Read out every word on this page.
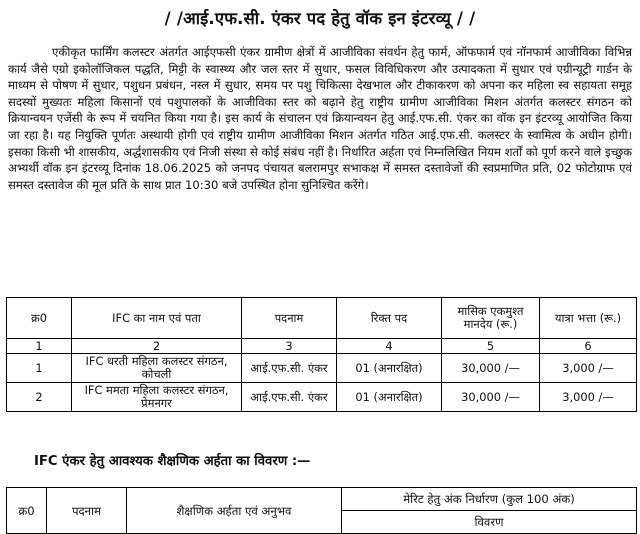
/ /आई.एफ.सी. एंकर पद हेतु वॉक इन इंटरव्यू / /

एकीकृत फार्मिंग कलस्टर अंतर्गत आईएफसी एंकर ग्रामीण क्षेत्रों में आजीविका संवर्धन हेतु फार्म, ऑफफार्म एवं नॉनफार्म आजीविका विभिन्न कार्य जैसे एग्रो इकोलॉजिकल पद्धति, मिट्टी के स्वास्थ्य और जल स्तर में सुधार, फसल विविधिकरण और उत्पादकता में सुधार एवं एग्रीन्यूट्री गार्डन के माध्यम से पोषण में सुधार, पशुधन प्रबंधन, नस्ल में सुधार, समय पर पशु चिकित्सा देखभाल और टीकाकरण को अपना कर महिला स्व सहायता समूह सदस्यों मुख्यतः महिला किसानों एवं पशुपालकों के आजीविका स्तर को बढ़ाने हेतु राष्ट्रीय ग्रामीण आजीविका मिशन अंतर्गत कलस्टर संगठन को क्रियान्वयन एजेंसी के रूप में चयनित किया गया है। इस कार्य के संचालन एवं क्रियान्वयन हेतु आई.एफ.सी. एंकर का वॉक इन इंटरव्यू आयोजित किया जा रहा है। यह नियुक्ति पूर्णतः अस्थायी होगी एवं राष्ट्रीय ग्रामीण आजीविका मिशन अंतर्गत गठित आई.एफ.सी. कलस्टर के स्वामित्व के अधीन होगी। इसका किसी भी शासकीय, अर्द्धशासकीय एवं निजी संस्था से कोई संबंध नहीं है। निर्धारित अर्हता एवं निम्नलिखित नियम शर्तों को पूर्ण करने वाले इच्छुक अभ्यर्थी वॉक इन इंटरव्यू दिनांक 18.06.2025 को जनपद पंचायत बलरामपुर सभाकक्ष में समस्त दस्तावेजों की स्वप्रमाणित प्रति, 02 फोटोग्राफ एवं समस्त दस्तावेज की मूल प्रति के साथ प्रात 10:30 बजे उपस्थित होना सुनिश्चित करेंगे।

क्र0	IFC का नाम एवं पता	पदनाम	रिक्त पद	मासिक एकमुश्त मानदेय (रू.)	यात्रा भत्ता (रू.)
1	2	3	4	5	6
1	IFC धरती महिला कलस्टर संगठन, कोचली	आई.एफ.सी. एंकर	01 (अनारक्षित)	30,000 /—	3,000 /—
2	IFC ममता महिला कलस्टर संगठन, प्रेमनगर	आई.एफ.सी. एंकर	01 (अनारक्षित)	30,000 /—	3,000 /—
IFC एंकर हेतु आवश्यक शैक्षणिक अर्हता का विवरण :—
क्र0	पदनाम	शैक्षणिक अर्हता एवं अनुभव	मेरिट हेतु अंक निर्धारण (कुल 100 अंक)
विवरण
